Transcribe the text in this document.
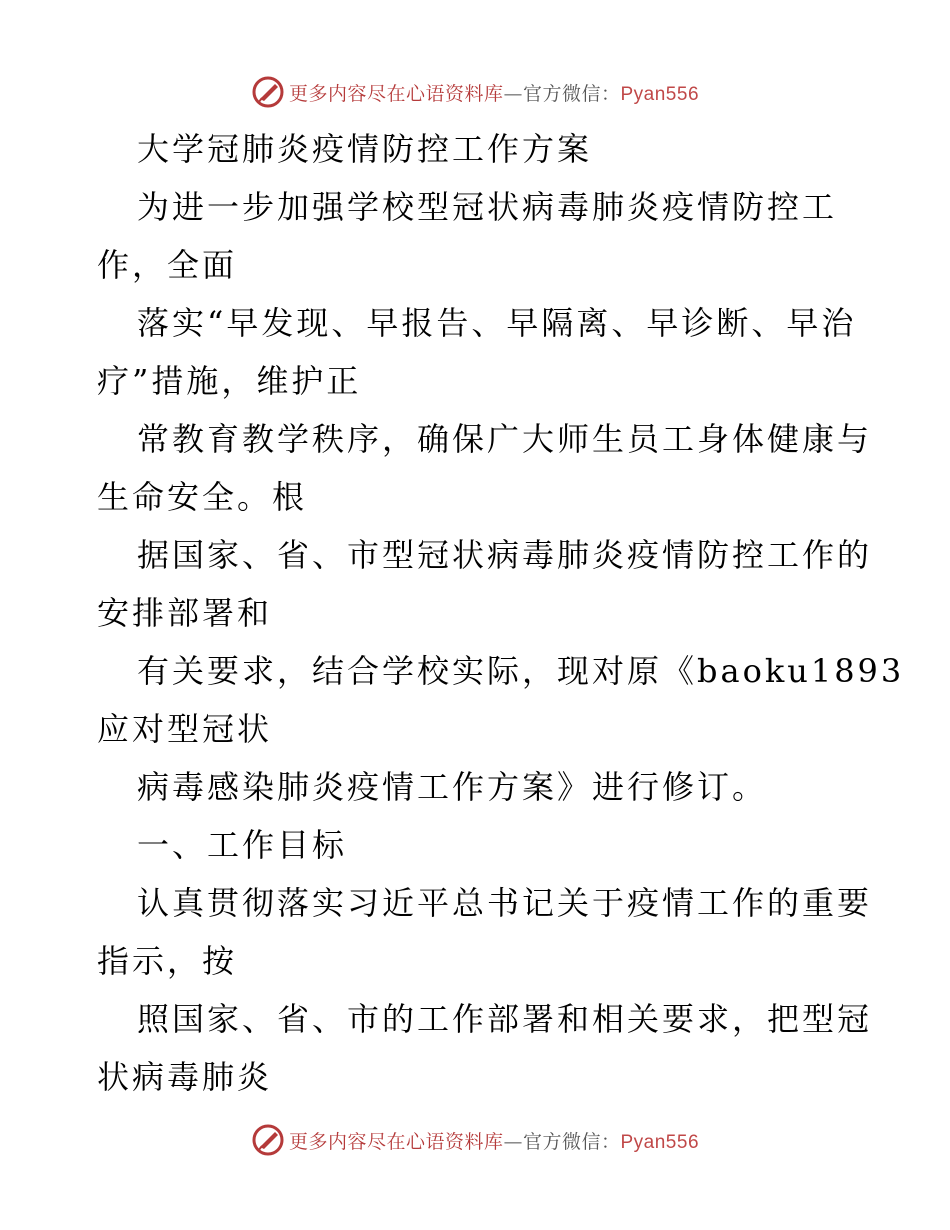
更多内容尽在心语资料库—官方微信：Pyan556
大学冠肺炎疫情防控工作方案
为进一步加强学校型冠状病毒肺炎疫情防控工
作，全面
落实“早发现、早报告、早隔离、早诊断、早治
疗”措施，维护正
常教育教学秩序，确保广大师生员工身体健康与
生命安全。根
据国家、省、市型冠状病毒肺炎疫情防控工作的
安排部署和
有关要求，结合学校实际，现对原《baoku1893
应对型冠状
病毒感染肺炎疫情工作方案》进行修订。
一、工作目标
认真贯彻落实习近平总书记关于疫情工作的重要
指示，按
照国家、省、市的工作部署和相关要求，把型冠
状病毒肺炎
更多内容尽在心语资料库—官方微信：Pyan556
